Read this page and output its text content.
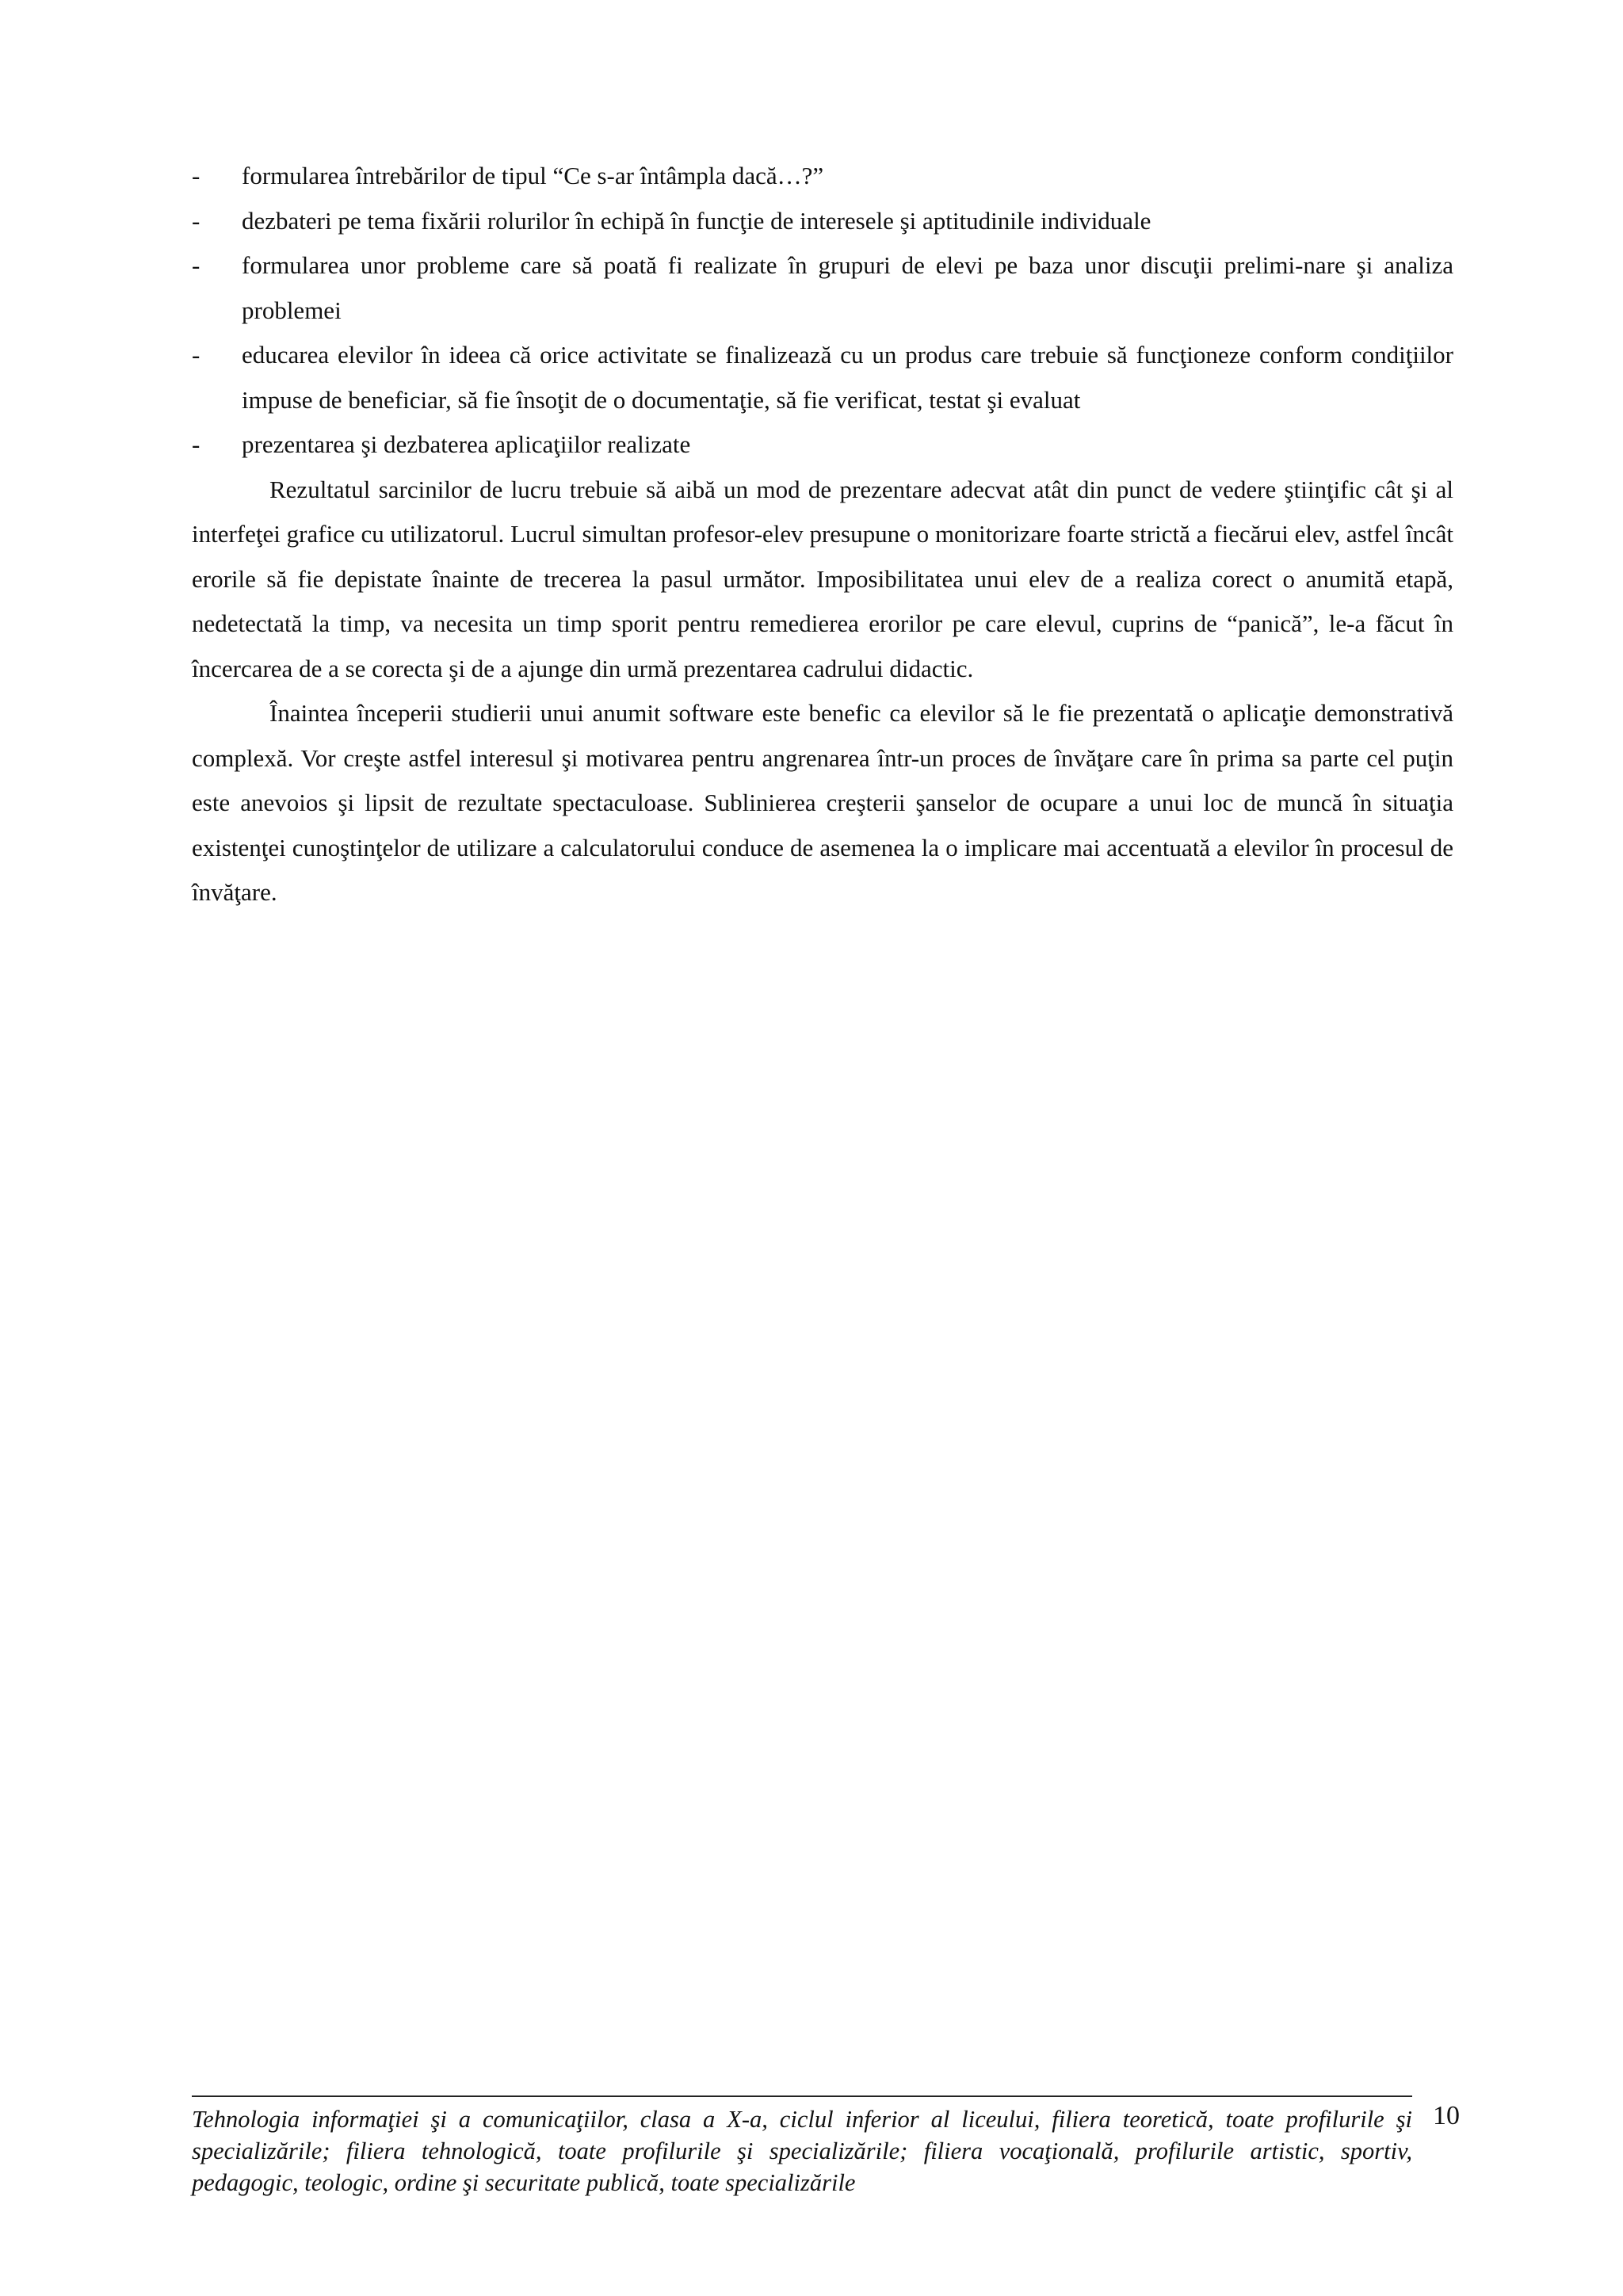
- formularea întrebărilor de tipul “Ce s-ar întâmpla dacă…?”
- dezbateri pe tema fixării rolurilor în echipă în funcţie de interesele şi aptitudinile individuale
- formularea unor probleme care să poată fi realizate în grupuri de elevi pe baza unor discuţii prelimi-nare şi analiza problemei
- educarea elevilor în ideea că orice activitate se finalizează cu un produs care trebuie să funcţioneze conform condiţiilor impuse de beneficiar, să fie însoţit de o documentaţie, să fie verificat, testat şi evaluat
- prezentarea şi dezbaterea aplicaţiilor realizate

Rezultatul sarcinilor de lucru trebuie să aibă un mod de prezentare adecvat atât din punct de vedere ştiinţific cât şi al interfeţei grafice cu utilizatorul. Lucrul simultan profesor-elev presupune o monitorizare foarte strictă a fiecărui elev, astfel încât erorile să fie depistate înainte de trecerea la pasul următor. Imposibilitatea unui elev de a realiza corect o anumită etapă, nedetectată la timp, va necesita un timp sporit pentru remedierea erorilor pe care elevul, cuprins de “panică”, le-a făcut în încercarea de a se corecta şi de a ajunge din urmă prezentarea cadrului didactic.

Înaintea începerii studierii unui anumit software este benefic ca elevilor să le fie prezentată o aplicaţie demonstrativă complexă. Vor creşte astfel interesul şi motivarea pentru angrenarea într-un proces de învăţare care în prima sa parte cel puţin este anevoios şi lipsit de rezultate spectaculoase. Sublinierea creşterii şanselor de ocupare a unui loc de muncă în situaţia existenţei cunoştinţelor de utilizare a calculatorului conduce de asemenea la o implicare mai accentuată a elevilor în procesul de învăţare.

Tehnologia informaţiei şi a comunicaţiilor, clasa a X-a, ciclul inferior al liceului, filiera teoretică, toate profilurile şi specializările; filiera tehnologică, toate profilurile şi specializările; filiera vocaţională, profilurile artistic, sportiv, pedagogic, teologic, ordine şi securitate publică, toate specializările

10
